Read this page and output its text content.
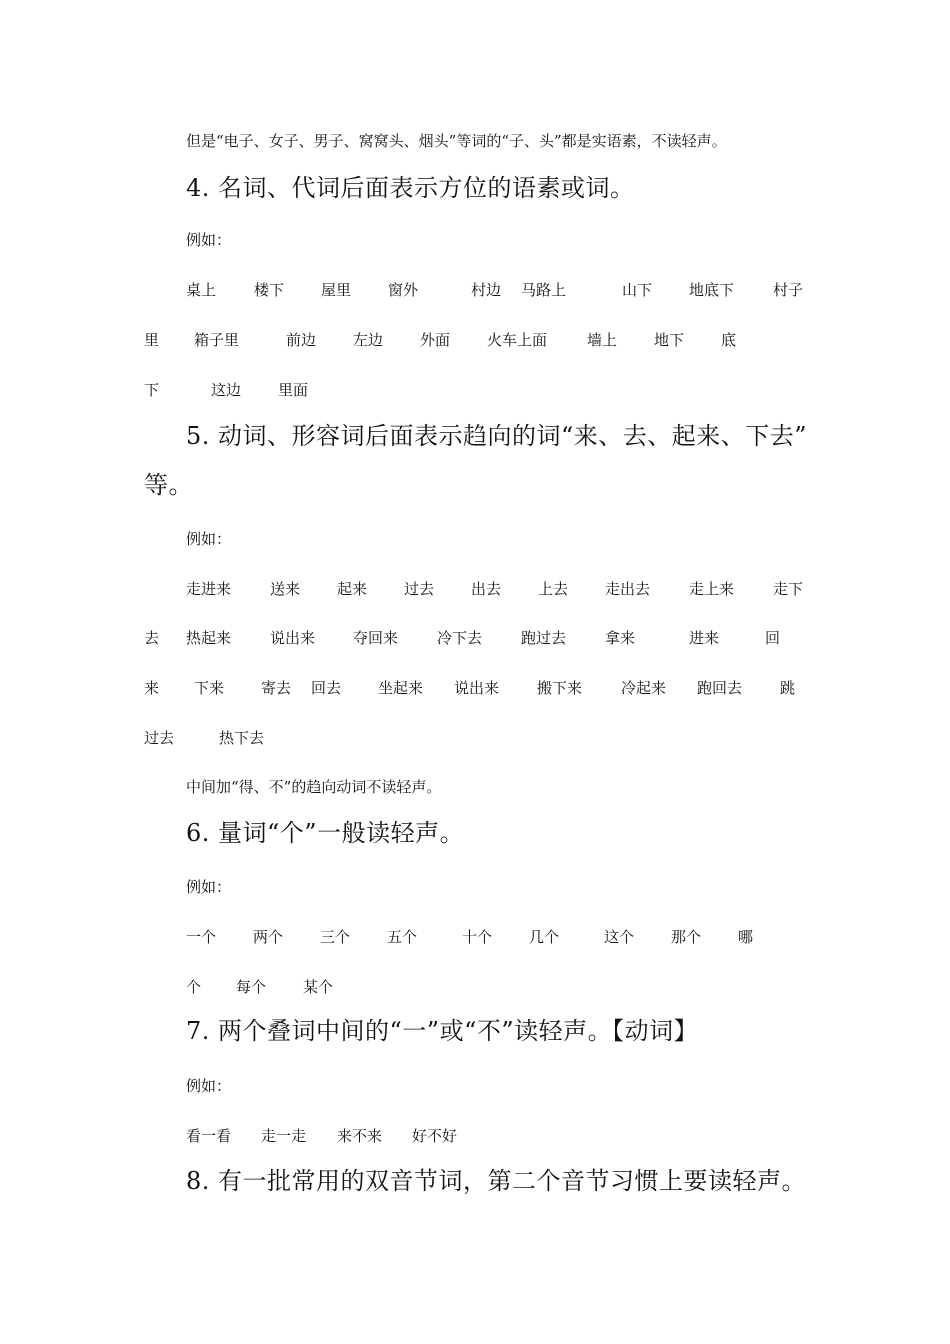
但是“电子、女子、男子、窝窝头、烟头”等词的“子、头”都是实语素，不读轻声。
4. 名词、代词后面表示方位的语素或词。
例如：
桌上	楼下 屋里 窗外	村边 马路上	山下 地底下	村子
里 箱子里	前边 左边 外面 火车上面	墙上 地下 底
下	这边 里面
5. 动词、形容词后面表示趋向的词“来、去、起来、下去”
等。
例如：
走进来	送来 起来 过去 出去 上去 走出去	走上来	走下
去 热起来	说出来	夺回来	冷下去	跑过去	拿来	进来	回
来 下来 寄去 回去 坐起来 说出来	搬下来	冷起来 跑回去	跳
过去	热下去
中间加“得、不”的趋向动词不读轻声。
6. 量词“个”一般读轻声。
例如：
一个 两个 三个 五个	十个 几个	这个 那个 哪
个 每个 某个
7. 两个叠词中间的“一”或“不”读轻声。【动词】
例如：
看一看 走一走 来不来 好不好
8. 有一批常用的双音节词，第二个音节习惯上要读轻声。
